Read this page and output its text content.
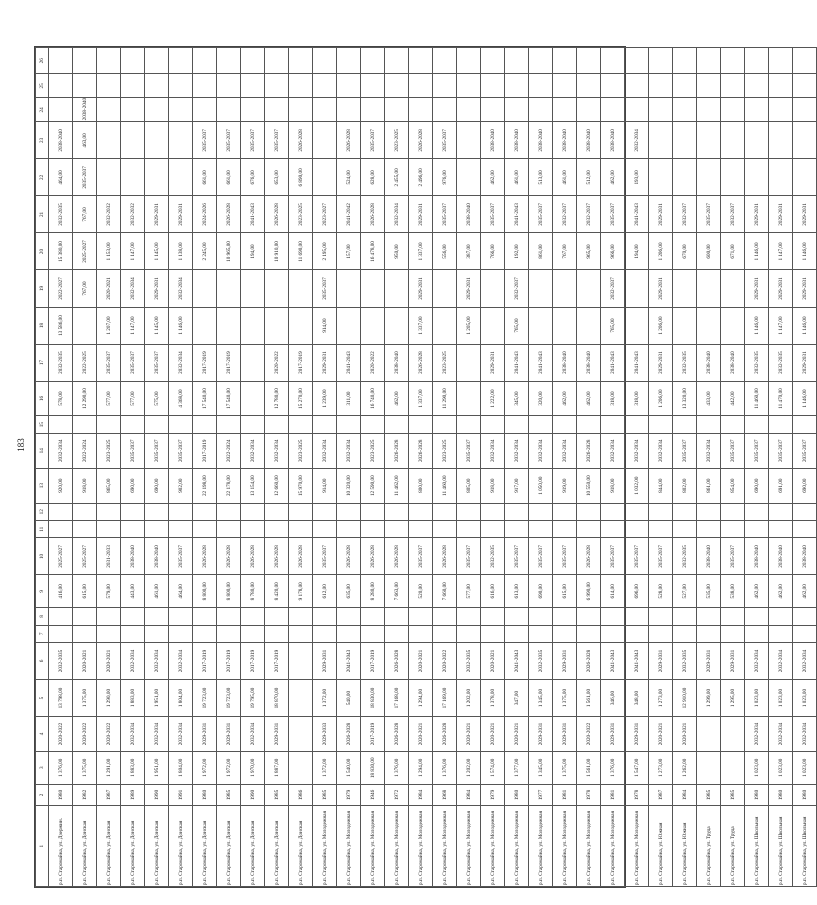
183
1	2	3	4	5	6	7	8	9	10	11	12	13	14	15	16	17	18	19	20	21	22	23	24	25	26
р.п. Старомайна, ул. Дзержин.	1980	1 376,00	2020-2022	13 798,00	2032-2035			416,00	2025-2027			920,00	2032-2034		578,00	2032-2035	13 586,00	2022-2027	15 380,00	2032-2035	464,00	2038-2040			
р.п. Старомайна, ул. Донская	1982	1 375,00	2020-2022	1 375,00	2020-2021			615,00	2025-2027			918,00	2022-2024		12 290,00	2022-2025		767,00	2025-2027	767,00	2035-2037	463,00	2038-2040		
р.п. Старомайна, ул. Донская	1987	1 291,00	2020-2022	1 290,00	2020-2021			579,00	2031-2033			865,00	2023-2025		577,00	2035-2037	1 207,00	2020-2021	1 153,00	2032-2032					
р.п. Старомайна, ул. Донская	1989	1 883,00	2032-2034	1 883,00	2032-2034			443,00	2038-2040			690,00	2035-2037		577,00	2035-2037	1 147,00	2032-2034	1 147,00	2032-2032					
р.п. Старомайна, ул. Донская	1990	1 951,00	2032-2034	1 951,00	2032-2034			461,00	2038-2040			690,00	2035-2037		575,00	2035-2037	1 145,00	2029-2031	1 145,00	2029-2031					
р.п. Старомайна, ул. Донская	1991	1 804,00	2032-2034	1 804,00	2032-2034			464,00	2035-2037			902,00	2035-2037		4 368,00	2032-2034	1 146,00	2032-2034	1 138,00	2029-2031					
р.п. Старомайна, ул. Донская	1980	1 972,00	2029-2031	19 723,00	2017-2019			8 800,00	2026-2028			22 198,00	2017-2019		17 540,00	2017-2019			2 245,00	2024-2026	661,00	2035-2037			
р.п. Старомайна, ул. Донская	1985	1 972,00	2029-2031	19 723,00	2017-2019			8 800,00	2026-2028			22 178,00	2022-2024		17 540,00	2017-2019			10 965,00	2026-2028	661,00	2035-2037			
р.п. Старомайна, ул. Донская	1990	1 970,00	2032-2034	19 795,00	2017-2019			8 780,00	2026-2028			13 154,00	2032-2034						194,00	2041-2043	676,00	2035-2037			
р.п. Старомайна, ул. Донская	1985	1 887,00	2029-2031	18 870,00	2017-2019			8 420,00	2026-2028			12 660,00	2032-2034		12 780,00	2020-2022			10 910,00	2026-2028	653,00	2035-2037			
р.п. Старомайна, ул. Донская	1986							9 178,00	2026-2028			15 970,00	2023-2025		15 270,00	2017-2019			11 690,00	2023-2025	6 890,00	2026-2028			
р.п. Старомайна, ул. Молодежная	1985	1 372,00	2029-2033	1 372,00	2029-2031			612,00	2035-2037			914,00	2032-2034		1 239,00	2029-2031	914,00	2035-2037	2 195,00	2023-2027					
р.п. Старомайна, ул. Молодежная	1979	1 540,00	2026-2028	540,00	2041-2043			635,00	2026-2028			10 320,00	2032-2034		311,00	2041-2043			157,00	2041-2042	524,00	2026-2028			
р.п. Старомайна, ул. Молодежная	1946	18 830,00	2017-2019	18 830,00	2017-2019			8 280,00	2026-2028			12 590,00	2023-2025		16 740,00	2020-2022			16 478,00	2026-2028	628,00	2035-2037			
р.п. Старомайна, ул. Молодежная	1972	1 376,00	2026-2028	17 168,00	2026-2028			7 663,00	2026-2028			11 462,00	2026-2028		462,00	2038-2040			950,00	2032-2034	2 455,00	2023-2025			
р.п. Старомайна, ул. Молодежная	1984	1 294,00	2020-2021	1 294,00	2020-2021			520,00	2035-2037			800,00	2026-2028		1 337,00	2026-2028	1 337,00	2029-2031	1 337,00	2029-2031	2 496,00	2026-2028			
р.п. Старомайна, ул. Молодежная	1968	1 376,00	2026-2028	17 169,00	2020-2022			7 660,00	2026-2028			11 460,00	2023-2025		11 290,00	2023-2025			556,00	2035-2037	976,00	2035-2037			
р.п. Старомайна, ул. Молодежная	1984	1 202,00	2020-2021	1 202,00	2032-2035			577,00	2035-2037			805,00	2035-2037				1 205,00	2029-2031	387,00	2038-2040					
р.п. Старомайна, ул. Молодежная	1979	1 574,00	2020-2021	1 378,00	2020-2021			616,00	2032-2035			918,00	2032-2034		1 222,00	2029-2031			766,00	2035-2037	462,00	2038-2040			
р.п. Старомайна, ул. Молодежная	1980	1 377,00	2020-2021	347,00	2041-2043			613,00	2035-2037			917,00	2032-2034		345,00	2041-2043	765,00	2032-2037	192,00	2041-2043	461,00	2038-2040			
р.п. Старомайна, ул. Молодежная	1977	1 345,00	2029-2031	1 345,00	2032-2035			690,00	2035-2037			1 050,00	2032-2034		320,00	2041-2043			861,00	2035-2037	513,00	2038-2040			
р.п. Старомайна, ул. Молодежная	1981	1 375,00	2029-2031	1 375,00	2029-2031			615,00	2035-2037			919,00	2032-2034		462,00	2038-2040			767,00	2032-2037	461,00	2038-2040			
р.п. Старомайна, ул. Молодежная	1978	1 561,00	2020-2022	1 561,00	2026-2028			6 990,00	2026-2028			10 550,00	2026-2028		462,00	2038-2040			965,00	2032-2037	512,00	2038-2040			
р.п. Старомайна, ул. Молодежная	1981	1 376,00	2029-2031	346,00	2041-2043			614,00	2035-2037			918,00	2032-2034		318,00	2041-2043	765,00	2032-2037	966,00	2035-2037	462,00	2038-2040			
р.п. Старомайна, ул. Молодежная	1978	1 547,00	2029-2031	348,00	2041-2043			696,00	2035-2037			1 032,00	2032-2034		318,00	2041-2043			194,00	2041-2043	193,00	2032-2034			
р.п. Старомайна, ул. Южная	1987	1 273,00	2020-2021	1 273,00	2029-2031			528,00	2035-2037			844,00	2032-2034		1 206,00	2029-2031	1 206,00	2029-2031	1 206,00	2029-2031					
р.п. Старомайна, ул. Южная	1984	1 262,00	2020-2021	12 910,00	2032-2035			527,00	2032-2035			802,00	2035-2037		13 320,00	2032-2035			670,00	2032-2037					
р.п. Старомайна, ул. Труда	1985			1 299,00	2029-2031			535,00	2038-2040			861,00	2032-2034		433,00	2038-2040			600,00	2035-2037					
р.п. Старомайна, ул. Труда	1985			1 295,00	2029-2031			538,00	2035-2037			854,00	2035-2037		442,00	2038-2040			671,00	2032-2037					
р.п. Старомайна, ул. Школьная	1980	1 023,00	2032-2034	1 023,00	2032-2034			462,00	2038-2040			690,00	2035-2037		11 460,00	2032-2035	1 146,00	2029-2031	1 146,00	2029-2031					
р.п. Старомайна, ул. Школьная	1980	1 023,00	2032-2034	1 023,00	2032-2034			462,00	2038-2040			691,00	2035-2037		11 470,00	2032-2035	1 147,00	2029-2031	1 147,00	2029-2031					
р.п. Старомайна, ул. Школьная	1980	1 023,00	2032-2034	1 023,00	2032-2034			462,00	2038-2040			690,00	2035-2037		1 146,00	2029-2031	1 146,00	2029-2031	1 146,00	2029-2031					
